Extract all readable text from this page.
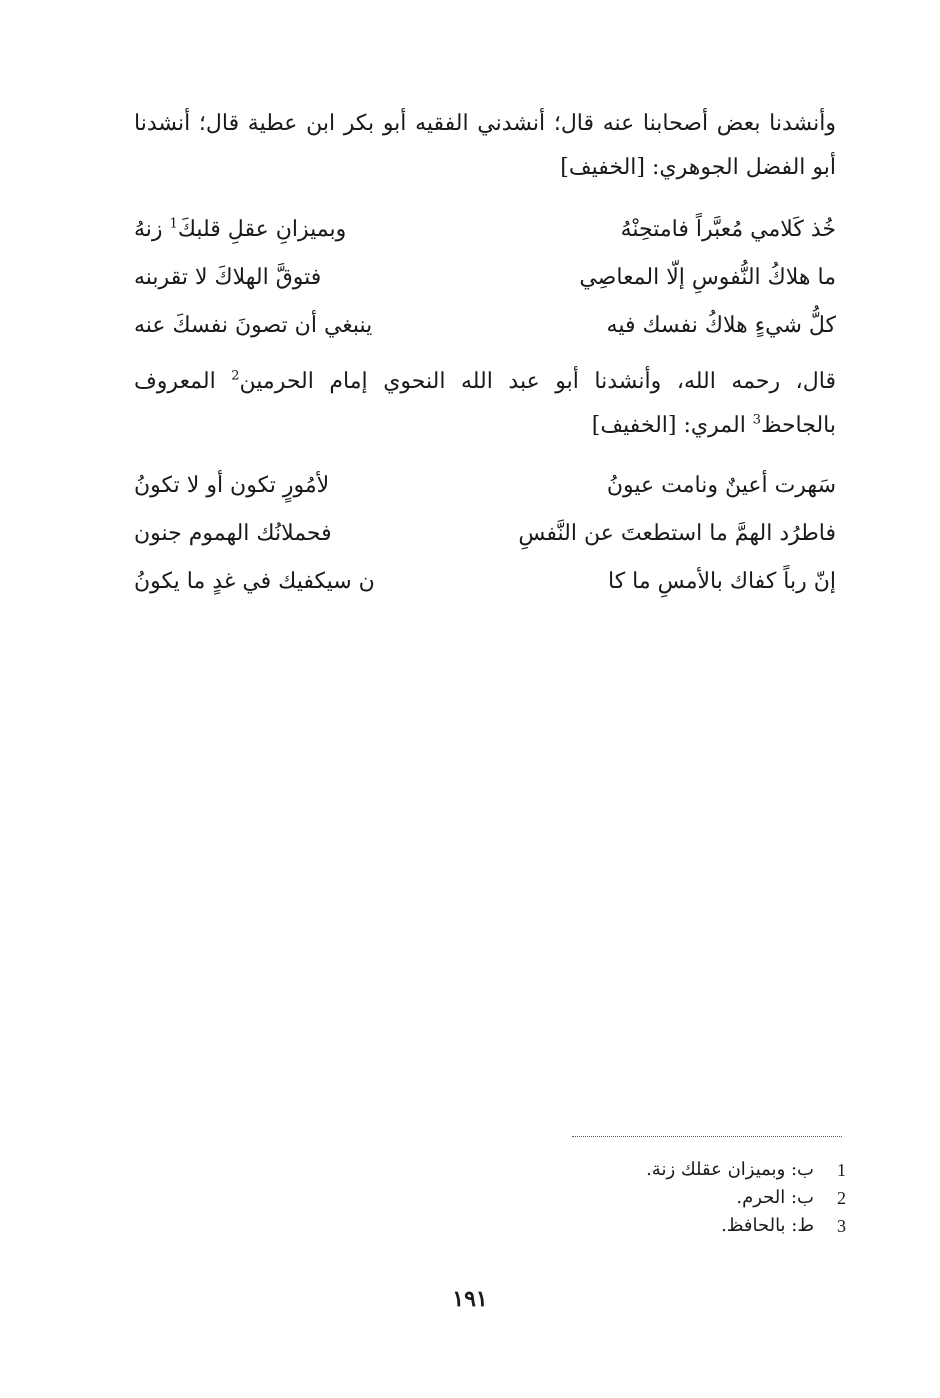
وأنشدنا بعض أصحابنا عنه قال؛ أنشدني الفقيه أبو بكر ابن عطية قال؛ أنشدنا أبو الفضل الجوهري: [الخفيف]
خُذ كَلامي مُعبَّراً فامتحِنْهُ
وبميزانِ عقلِ قلبكَ$^1$ زنهُ
ما هلاكُ النُّفوسِ إلّا المعاصِي
فتوقَّ الهلاكَ لا تقربنه
كلُّ شيءٍ هلاكُ نفسك فيه
ينبغي أن تصونَ نفسكَ عنه
قال، رحمه الله، وأنشدنا أبو عبد الله النحوي إمام الحرمين$^2$ المعروف بالجاحظ$^3$ المري: [الخفيف]
سَهرت أعينٌ ونامت عيونُ
لأمُورٍ تكون أو لا تكونُ
فاطرُد الهمَّ ما استطعتَ عن النَّفسِ
فحملانُك الهموم جنون
إنّ رباً كفاك بالأمسِ ما كا
ن سيكفيك في غدٍ ما يكونُ
1
ب: وبميزان عقلك زنة.
2
ب: الحرم.
3
ط: بالحافظ.
١٩١
